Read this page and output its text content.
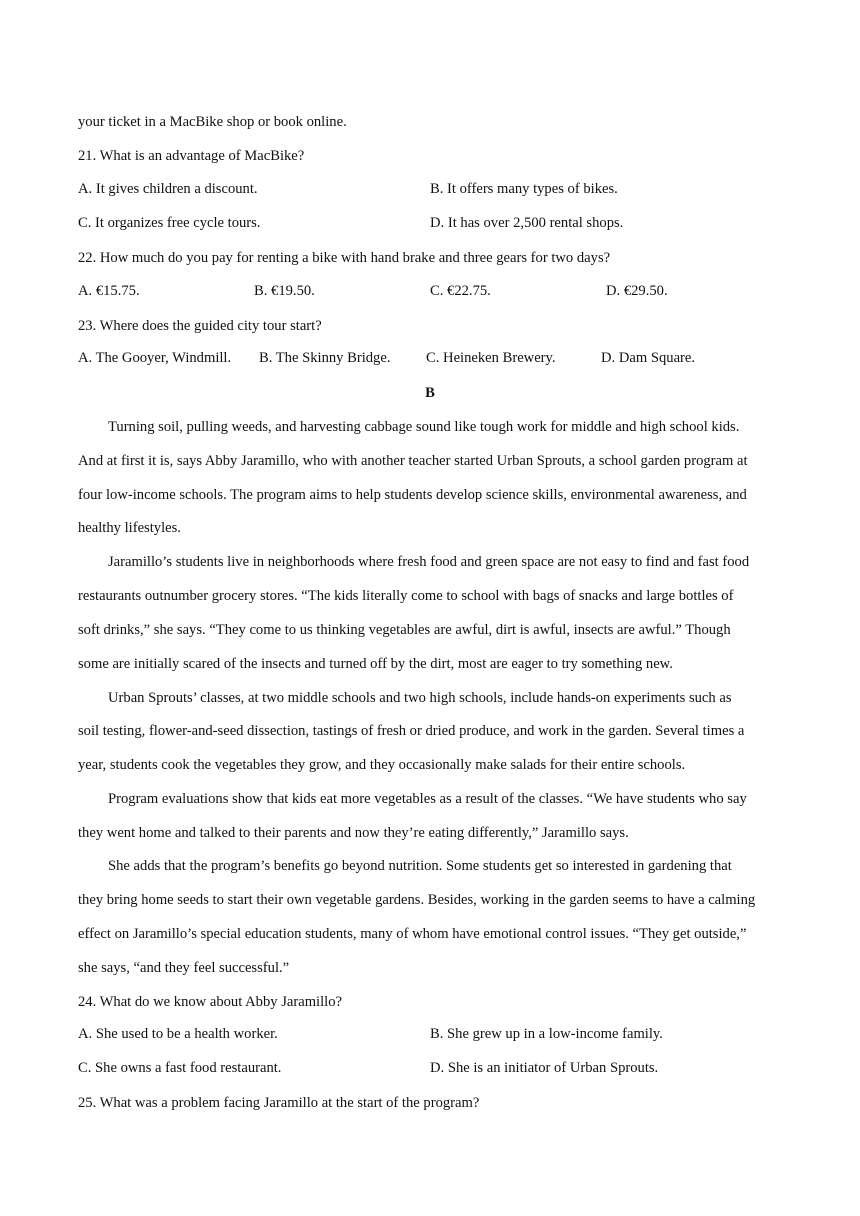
your ticket in a MacBike shop or book online.
21. What is an advantage of MacBike?
A. It gives children a discount.	B. It offers many types of bikes.
C. It organizes free cycle tours.	D. It has over 2,500 rental shops.
22. How much do you pay for renting a bike with hand brake and three gears for two days?
A. €15.75.	B. €19.50.	C. €22.75.	D. €29.50.
23. Where does the guided city tour start?
A. The Gooyer, Windmill. B. The Skinny Bridge. C. Heineken Brewery.	D. Dam Square.
B
Turning soil, pulling weeds, and harvesting cabbage sound like tough work for middle and high school kids.
And at first it is, says Abby Jaramillo, who with another teacher started Urban Sprouts, a school garden program at
four low-income schools. The program aims to help students develop science skills, environmental awareness, and
healthy lifestyles.
Jaramillo’s students live in neighborhoods where fresh food and green space are not easy to find and fast food
restaurants outnumber grocery stores. “The kids literally come to school with bags of snacks and large bottles of
soft drinks,” she says. “They come to us thinking vegetables are awful, dirt is awful, insects are awful.” Though
some are initially scared of the insects and turned off by the dirt, most are eager to try something new.
Urban Sprouts’ classes, at two middle schools and two high schools, include hands-on experiments such as
soil testing, flower-and-seed dissection, tastings of fresh or dried produce, and work in the garden. Several times a
year, students cook the vegetables they grow, and they occasionally make salads for their entire schools.
Program evaluations show that kids eat more vegetables as a result of the classes. “We have students who say
they went home and talked to their parents and now they’re eating differently,” Jaramillo says.
She adds that the program’s benefits go beyond nutrition. Some students get so interested in gardening that
they bring home seeds to start their own vegetable gardens. Besides, working in the garden seems to have a calming
effect on Jaramillo’s special education students, many of whom have emotional control issues. “They get outside,”
she says, “and they feel successful.”
24. What do we know about Abby Jaramillo?
A. She used to be a health worker.	B. She grew up in a low-income family.
C. She owns a fast food restaurant.	D. She is an initiator of Urban Sprouts.
25. What was a problem facing Jaramillo at the start of the program?
